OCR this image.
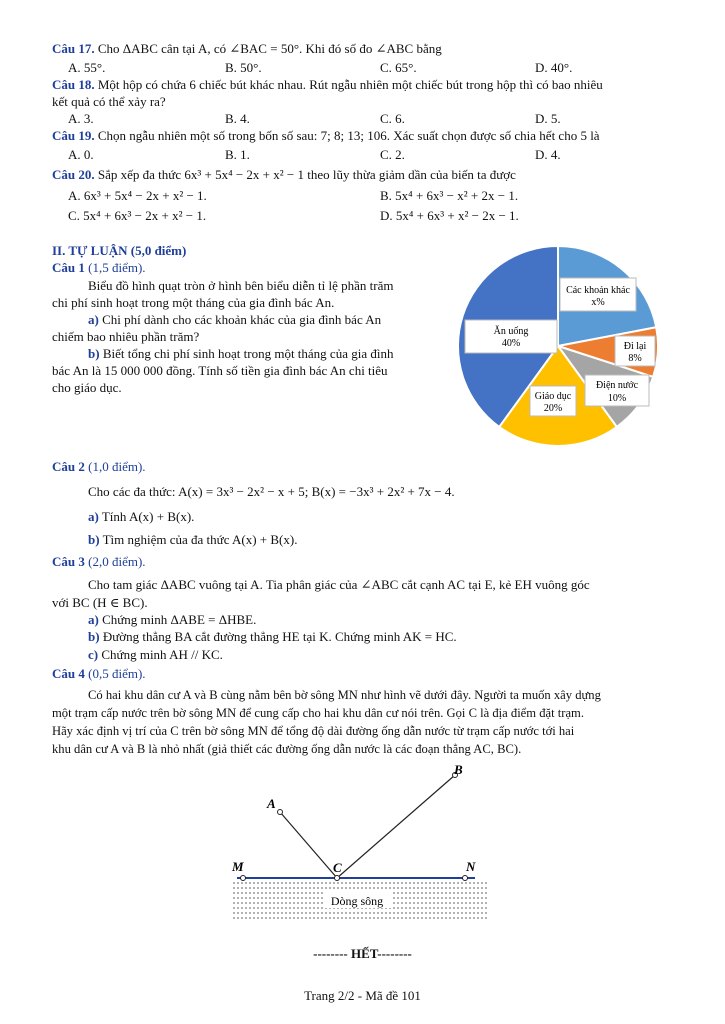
Câu 17. Cho ΔABC cân tại A, có ∠BAC = 50°. Khi đó số đo ∠ABC bằng
A. 55°.	B. 50°.	C. 65°.	D. 40°.
Câu 18. Một hộp có chứa 6 chiếc bút khác nhau. Rút ngẫu nhiên một chiếc bút trong hộp thì có bao nhiêu
kết quả có thể xảy ra?
A. 3.	B. 4.	C. 6.	D. 5.
Câu 19. Chọn ngẫu nhiên một số trong bốn số sau: 7; 8; 13; 106. Xác suất chọn được số chia hết cho 5 là
A. 0.	B. 1.	C. 2.	D. 4.
Câu 20. Sắp xếp đa thức 6x³ + 5x⁴ − 2x + x² − 1 theo lũy thừa giảm dần của biến ta được
A. 6x³ + 5x⁴ − 2x + x² − 1.	B. 5x⁴ + 6x³ − x² + 2x − 1.
C. 5x⁴ + 6x³ − 2x + x² − 1.	D. 5x⁴ + 6x³ + x² − 2x − 1.
II. TỰ LUẬN (5,0 điểm)
Câu 1 (1,5 điểm).
Biểu đồ hình quạt tròn ở hình bên biểu diễn tỉ lệ phần trăm
chi phí sinh hoạt trong một tháng của gia đình bác An.
a) Chi phí dành cho các khoản khác của gia đình bác An
chiếm bao nhiêu phần trăm?
b) Biết tổng chi phí sinh hoạt trong một tháng của gia đình
bác An là 15 000 000 đồng. Tính số tiền gia đình bác An chi tiêu
cho giáo dục.
Các khoản khác
x%
Ăn uống
40%	Đi lại
8%
Điện nước
10%
Giáo dục
20%
Câu 2 (1,0 điểm).
Cho các đa thức: A(x) = 3x³ − 2x² − x + 5; B(x) = −3x³ + 2x² + 7x − 4.
a) Tính A(x) + B(x).
b) Tìm nghiệm của đa thức A(x) + B(x).
Câu 3 (2,0 điểm).
Cho tam giác ΔABC vuông tại A. Tia phân giác của ∠ABC cắt cạnh AC tại E, kẻ EH vuông góc
với BC (H ∈ BC).
a) Chứng minh ΔABE = ΔHBE.
b) Đường thẳng BA cắt đường thẳng HE tại K. Chứng minh AK = HC.
c) Chứng minh AH // KC.
Câu 4 (0,5 điểm).
Có hai khu dân cư A và B cùng nằm bên bờ sông MN như hình vẽ dưới đây. Người ta muốn xây dựng
một trạm cấp nước trên bờ sông MN để cung cấp cho hai khu dân cư nói trên. Gọi C là địa điểm đặt trạm.
Hãy xác định vị trí của C trên bờ sông MN để tổng độ dài đường ống dẫn nước từ trạm cấp nước tới hai
khu dân cư A và B là nhỏ nhất (giả thiết các đường ống dẫn nước là các đoạn thẳng AC, BC).
Dòng sông
A
B
C
M	N
-------- HẾT--------
Trang 2/2 - Mã đề 101
